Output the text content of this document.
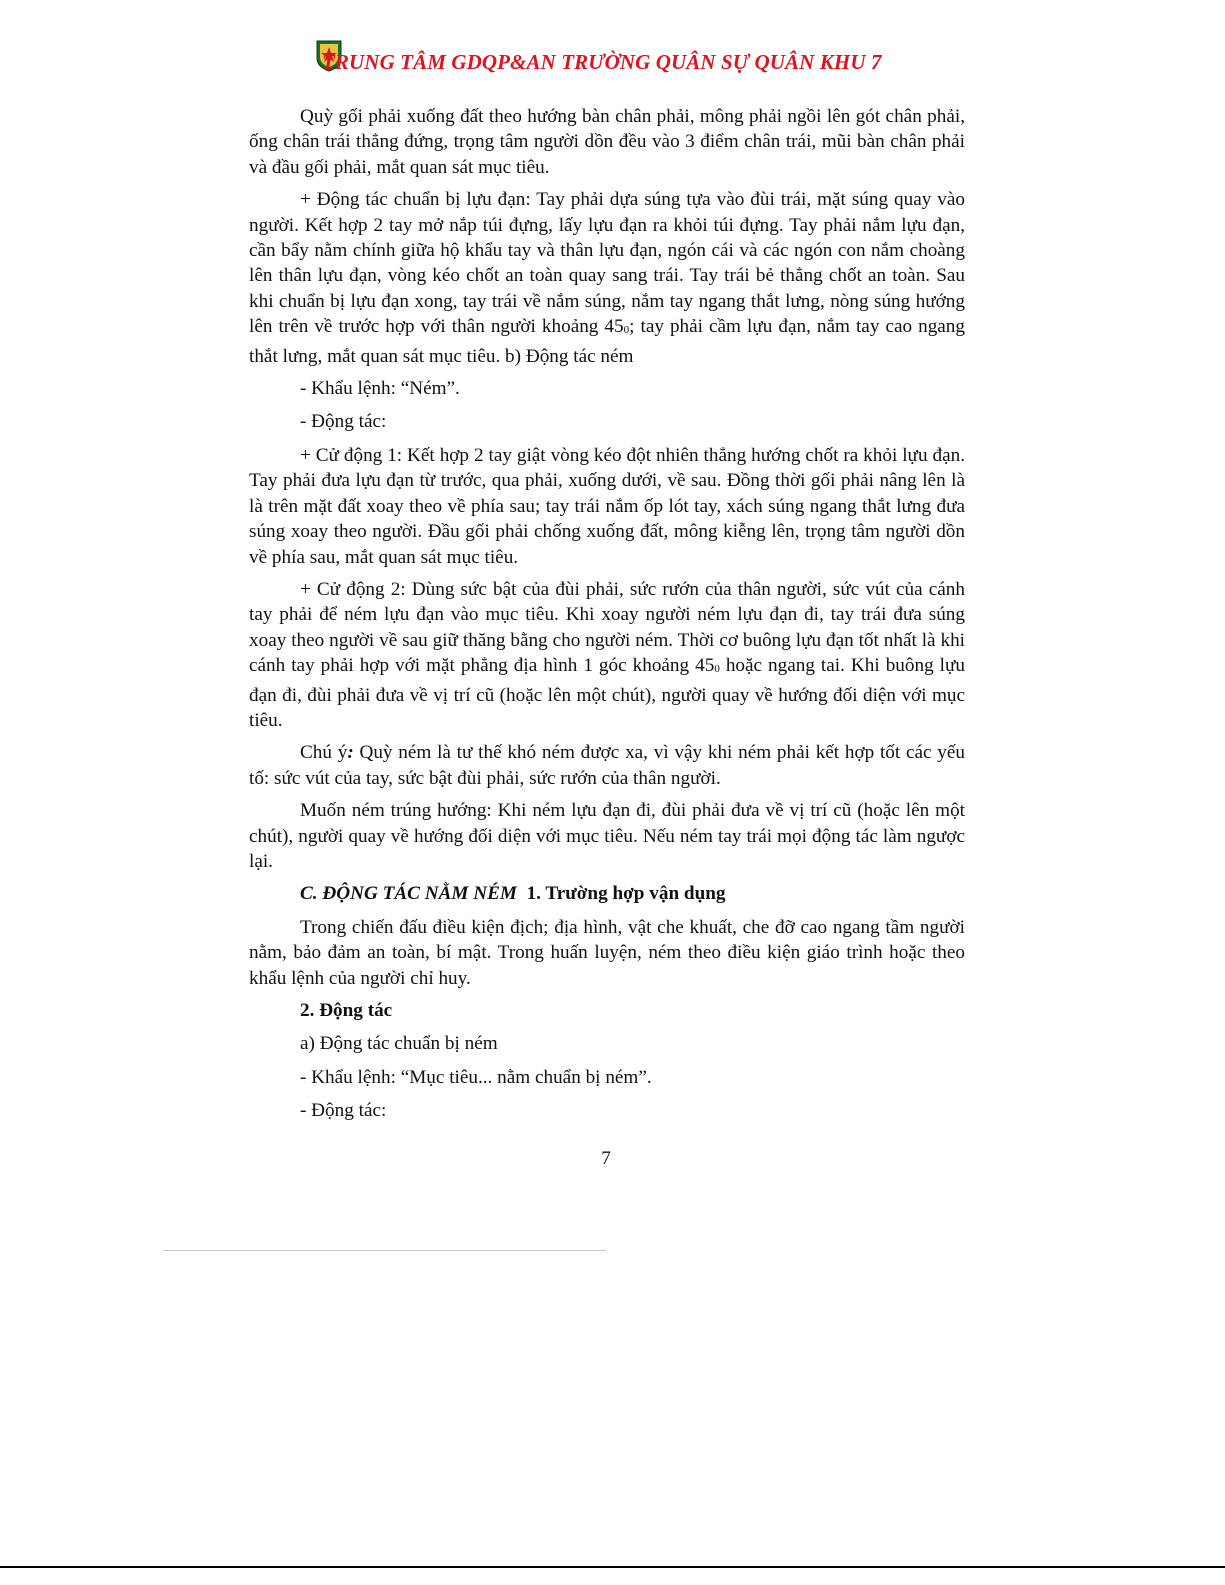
TRUNG TÂM GDQP&AN TRƯỜNG QUÂN SỰ QUÂN KHU 7

Quỳ gối phải xuống đất theo hướng bàn chân phải, mông phải ngồi lên gót chân phải, ống chân trái thẳng đứng, trọng tâm người dồn đều vào 3 điểm chân trái, mũi bàn chân phải và đầu gối phải, mắt quan sát mục tiêu.

+ Động tác chuẩn bị lựu đạn: Tay phải dựa súng tựa vào đùi trái, mặt súng quay vào người. Kết hợp 2 tay mở nắp túi đựng, lấy lựu đạn ra khỏi túi đựng. Tay phải nắm lựu đạn, cần bẩy nằm chính giữa hộ khẩu tay và thân lựu đạn, ngón cái và các ngón con nắm choàng lên thân lựu đạn, vòng kéo chốt an toàn quay sang trái. Tay trái bẻ thẳng chốt an toàn. Sau khi chuẩn bị lựu đạn xong, tay trái về nắm súng, nắm tay ngang thắt lưng, nòng súng hướng lên trên về trước hợp với thân người khoảng $45_0$; tay phải cầm lựu đạn, nắm tay cao ngang thắt lưng, mắt quan sát mục tiêu. b) Động tác ném

- Khẩu lệnh: “Ném”.

- Động tác:

+ Cử động 1: Kết hợp 2 tay giật vòng kéo đột nhiên thẳng hướng chốt ra khỏi lựu đạn. Tay phải đưa lựu đạn từ trước, qua phải, xuống dưới, về sau. Đồng thời gối phải nâng lên là là trên mặt đất xoay theo về phía sau; tay trái nắm ốp lót tay, xách súng ngang thắt lưng đưa súng xoay theo người. Đầu gối phải chống xuống đất, mông kiễng lên, trọng tâm người dồn về phía sau, mắt quan sát mục tiêu.

+ Cử động 2: Dùng sức bật của đùi phải, sức rướn của thân người, sức vút của cánh tay phải để ném lựu đạn vào mục tiêu. Khi xoay người ném lựu đạn đi, tay trái đưa súng xoay theo người về sau giữ thăng bằng cho người ném. Thời cơ buông lựu đạn tốt nhất là khi cánh tay phải hợp với mặt phẳng địa hình 1 góc khoảng $45_0$ hoặc ngang tai. Khi buông lựu đạn đi, đùi phải đưa về vị trí cũ (hoặc lên một chút), người quay về hướng đối diện với mục tiêu.

Chú ý: Quỳ ném là tư thế khó ném được xa, vì vậy khi ném phải kết hợp tốt các yếu tố: sức vút của tay, sức bật đùi phải, sức rướn của thân người.

Muốn ném trúng hướng: Khi ném lựu đạn đi, đùi phải đưa về vị trí cũ (hoặc lên một chút), người quay về hướng đối diện với mục tiêu. Nếu ném tay trái mọi động tác làm ngược lại.

C. ĐỘNG TÁC NẰM NÉM 1. Trường hợp vận dụng

Trong chiến đấu điều kiện địch; địa hình, vật che khuất, che đỡ cao ngang tầm người nằm, bảo đảm an toàn, bí mật. Trong huấn luyện, ném theo điều kiện giáo trình hoặc theo khẩu lệnh của người chỉ huy.

2. Động tác

a) Động tác chuẩn bị ném

- Khẩu lệnh: “Mục tiêu... nằm chuẩn bị ném”.

- Động tác:

7
